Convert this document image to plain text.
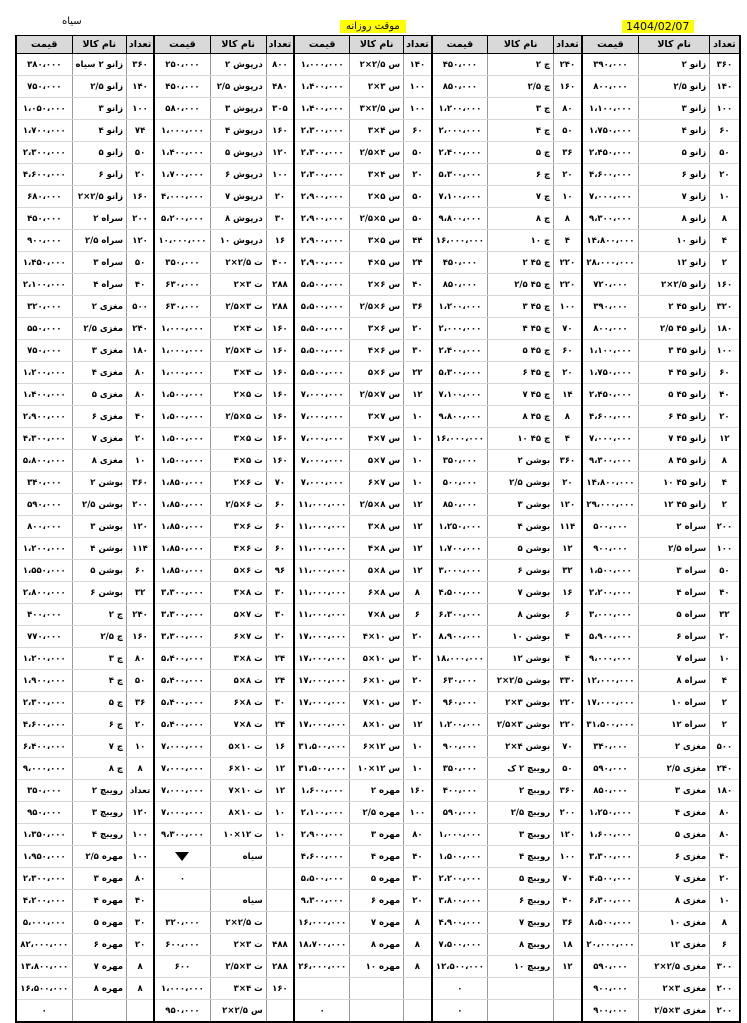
سیاه	موقت روزانه	1404/02/07
قیمت	نام کالا	تعداد	قیمت	نام کالا	تعداد	قیمت	نام کالا	تعداد	قیمت	نام کالا	تعداد	قیمت	نام کالا	تعداد
۳۸۰،۰۰۰	زانو ۲ سیاه	۳۶۰	۲۵۰،۰۰۰	درپوش ۲	۸۰۰	۱،۰۰۰،۰۰۰	س ۲/۵×۲	۱۴۰	۴۵۰،۰۰۰	چ ۲	۲۴۰	۳۹۰،۰۰۰	زانو ۲	۳۶۰
۷۵۰،۰۰۰	زانو ۲/۵	۱۴۰	۴۵۰،۰۰۰	درپوش ۲/۵	۴۸۰	۱،۴۰۰،۰۰۰	س ۳×۲	۱۰۰	۸۵۰،۰۰۰	چ ۲/۵	۱۶۰	۸۰۰،۰۰۰	زانو ۲/۵	۱۴۰
۱،۰۵۰،۰۰۰	زانو ۳	۱۰۰	۵۸۰،۰۰۰	درپوش ۳	۳۰۵	۱،۴۰۰،۰۰۰	س ۲/۵×۳	۱۰۰	۱،۲۰۰،۰۰۰	چ ۳	۸۰	۱،۱۰۰،۰۰۰	زانو ۳	۱۰۰
۱،۷۰۰،۰۰۰	زانو ۴	۷۴	۱،۰۰۰،۰۰۰	درپوش ۴	۱۶۰	۲،۳۰۰،۰۰۰	س ۴×۳	۶۰	۲،۰۰۰،۰۰۰	چ ۴	۵۰	۱،۷۵۰،۰۰۰	زانو ۴	۶۰
۲،۳۰۰،۰۰۰	زانو ۵	۵۰	۱،۴۰۰،۰۰۰	درپوش ۵	۱۲۰	۲،۳۰۰،۰۰۰	س ۴×۲/۵	۵۰	۲،۴۰۰،۰۰۰	چ ۵	۳۶	۲،۴۵۰،۰۰۰	زانو ۵	۵۰
۴،۶۰۰،۰۰۰	زانو ۶	۲۰	۱،۷۰۰،۰۰۰	درپوش ۶	۱۰۰	۲،۳۰۰،۰۰۰	س ۴×۳	۲۰	۵،۳۰۰،۰۰۰	چ ۶	۲۰	۴،۶۰۰،۰۰۰	زانو ۶	۲۰
۶۸۰،۰۰۰	زانو ۲/۵×۲	۱۶۰	۴،۰۰۰،۰۰۰	درپوش ۷	۲۰	۲،۹۰۰،۰۰۰	س ۵×۲	۵۰	۷،۱۰۰،۰۰۰	چ ۷	۱۰	۷،۰۰۰،۰۰۰	زانو ۷	۱۰
۴۵۰،۰۰۰	سراه ۲	۲۰۰	۵،۲۰۰،۰۰۰	درپوش ۸	۳۰	۲،۹۰۰،۰۰۰	س ۵×۲/۵	۵۰	۹،۸۰۰،۰۰۰	چ ۸	۸	۹،۳۰۰،۰۰۰	زانو ۸	۸
۹۰۰،۰۰۰	سراه ۲/۵	۱۲۰	۱۰،۰۰۰،۰۰۰	درپوش ۱۰	۱۶	۲،۹۰۰،۰۰۰	س ۵×۳	۴۴	۱۶،۰۰۰،۰۰۰	چ ۱۰	۴	۱۴،۸۰۰،۰۰۰	زانو ۱۰	۴
۱،۴۵۰،۰۰۰	سراه ۳	۵۰	۳۵۰،۰۰۰	ت ۲/۵×۲	۴۰۰	۲،۹۰۰،۰۰۰	س ۵×۴	۲۴	۴۵۰،۰۰۰	چ ۴۵ ۲	۲۲۰	۲۸،۰۰۰،۰۰۰	زانو ۱۲	۲
۲،۱۰۰،۰۰۰	سراه ۴	۴۰	۶۳۰،۰۰۰	ت ۳×۲	۲۸۸	۵،۵۰۰،۰۰۰	س ۶×۲	۴۰	۸۵۰،۰۰۰	چ ۴۵ ۲/۵	۲۲۰	۷۲۰،۰۰۰	زانو ۲/۵×۲	۱۶۰
۳۲۰،۰۰۰	مغزی ۲	۵۰۰	۶۳۰،۰۰۰	ت ۳×۲/۵	۲۸۸	۵،۵۰۰،۰۰۰	س ۶×۲/۵	۳۶	۱،۲۰۰،۰۰۰	چ ۴۵ ۳	۱۰۰	۳۹۰،۰۰۰	زانو ۴۵ ۲	۳۲۰
۵۵۰،۰۰۰	مغزی ۲/۵	۲۴۰	۱،۰۰۰،۰۰۰	ت ۴×۲	۱۶۰	۵،۵۰۰،۰۰۰	س ۶×۳	۲۰	۲،۰۰۰،۰۰۰	چ ۴۵ ۴	۷۰	۸۰۰،۰۰۰	زانو ۴۵ ۲/۵	۱۸۰
۷۵۰،۰۰۰	مغزی ۳	۱۸۰	۱،۰۰۰،۰۰۰	ت ۴×۲/۵	۱۶۰	۵،۵۰۰،۰۰۰	س ۶×۴	۳۰	۲،۴۰۰،۰۰۰	چ ۴۵ ۵	۶۰	۱،۱۰۰،۰۰۰	زانو ۴۵ ۳	۱۰۰
۱،۲۰۰،۰۰۰	مغزی ۴	۸۰	۱،۰۰۰،۰۰۰	ت ۴×۳	۱۶۰	۵،۵۰۰،۰۰۰	س ۶×۵	۲۲	۵،۳۰۰،۰۰۰	چ ۴۵ ۶	۲۰	۱،۷۵۰،۰۰۰	زانو ۴۵ ۴	۶۰
۱،۴۰۰،۰۰۰	مغزی ۵	۸۰	۱،۵۰۰،۰۰۰	ت ۵×۲	۱۶۰	۷،۰۰۰،۰۰۰	س ۷×۲/۵	۱۲	۷،۱۰۰،۰۰۰	چ ۴۵ ۷	۱۴	۲،۴۵۰،۰۰۰	زانو ۴۵ ۵	۴۰
۲،۹۰۰،۰۰۰	مغزی ۶	۴۰	۱،۵۰۰،۰۰۰	ت ۵×۲/۵	۱۶۰	۷،۰۰۰،۰۰۰	س ۷×۳	۱۰	۹،۸۰۰،۰۰۰	چ ۴۵ ۸	۸	۴،۶۰۰،۰۰۰	زانو ۴۵ ۶	۲۰
۴،۳۰۰،۰۰۰	مغزی ۷	۲۰	۱،۵۰۰،۰۰۰	ت ۵×۳	۱۶۰	۷،۰۰۰،۰۰۰	س ۷×۴	۱۰	۱۶،۰۰۰،۰۰۰	چ ۴۵ ۱۰	۴	۷،۰۰۰،۰۰۰	زانو ۴۵ ۷	۱۲
۵،۸۰۰،۰۰۰	مغزی ۸	۱۰	۱،۵۰۰،۰۰۰	ت ۵×۴	۱۶۰	۷،۰۰۰،۰۰۰	س ۷×۵	۱۰	۳۵۰،۰۰۰	بوشن ۲	۳۶۰	۹،۳۰۰،۰۰۰	زانو ۴۵ ۸	۸
۳۴۰،۰۰۰	بوشن ۲	۳۶۰	۱،۸۵۰،۰۰۰	ت ۶×۲	۷۰	۷،۰۰۰،۰۰۰	س ۷×۶	۱۰	۵۰۰،۰۰۰	بوشن ۲/۵	۲۰	۱۴،۸۰۰،۰۰۰	زانو ۴۵ ۱۰	۴
۵۹۰،۰۰۰	بوشن ۲/۵	۲۰۰	۱،۸۵۰،۰۰۰	ت ۶×۲/۵	۶۰	۱۱،۰۰۰،۰۰۰	س ۸×۲/۵	۱۲	۸۵۰،۰۰۰	بوشن ۳	۱۲۰	۲۹،۰۰۰،۰۰۰	زانو ۴۵ ۱۲	۲
۸۰۰،۰۰۰	بوشن ۳	۱۲۰	۱،۸۵۰،۰۰۰	ت ۶×۳	۶۰	۱۱،۰۰۰،۰۰۰	س ۸×۳	۱۲	۱،۲۵۰،۰۰۰	بوشن ۴	۱۱۴	۵۰۰،۰۰۰	سراه ۲	۲۰۰
۱،۲۰۰،۰۰۰	بوشن ۴	۱۱۴	۱،۸۵۰،۰۰۰	ت ۶×۴	۶۰	۱۱،۰۰۰،۰۰۰	س ۸×۴	۱۲	۱،۷۰۰،۰۰۰	بوشن ۵	۱۲	۹۰۰،۰۰۰	سراه ۲/۵	۱۰۰
۱،۵۵۰،۰۰۰	بوشن ۵	۶۰	۱،۸۵۰،۰۰۰	ت ۶×۵	۹۶	۱۱،۰۰۰،۰۰۰	س ۸×۵	۱۲	۳،۰۰۰،۰۰۰	بوشن ۶	۳۲	۱،۵۰۰،۰۰۰	سراه ۳	۵۰
۲،۸۰۰،۰۰۰	بوشن ۶	۳۲	۳،۳۰۰،۰۰۰	ت ۸×۳	۳۰	۱۱،۰۰۰،۰۰۰	س ۸×۶	۸	۴،۵۰۰،۰۰۰	بوشن ۷	۱۶	۲،۲۰۰،۰۰۰	سراه ۴	۴۰
۴۰۰،۰۰۰	چ ۲	۲۴۰	۳،۳۰۰،۰۰۰	ت ۷×۵	۳۰	۱۱،۰۰۰،۰۰۰	س ۸×۷	۶	۶،۳۰۰،۰۰۰	بوشن ۸	۶	۳،۰۰۰،۰۰۰	سراه ۵	۳۲
۷۷۰،۰۰۰	چ ۲/۵	۱۶۰	۳،۳۰۰،۰۰۰	ت ۷×۶	۲۰	۱۷،۰۰۰،۰۰۰	س ۱۰×۴	۲۰	۸،۹۰۰،۰۰۰	بوشن ۱۰	۴	۵،۹۰۰،۰۰۰	سراه ۶	۲۰
۱،۲۰۰،۰۰۰	چ ۳	۸۰	۵،۴۰۰،۰۰۰	ت ۸×۳	۲۴	۱۷،۰۰۰،۰۰۰	س ۱۰×۵	۲۰	۱۸،۰۰۰،۰۰۰	بوشن ۱۲	۴	۹،۰۰۰،۰۰۰	سراه ۷	۱۰
۱،۹۰۰،۰۰۰	چ ۴	۵۰	۵،۴۰۰،۰۰۰	ت ۸×۵	۲۴	۱۷،۰۰۰،۰۰۰	س ۱۰×۶	۲۰	۶۳۰،۰۰۰	بوشن ۲/۵×۲	۳۳۰	۱۲،۰۰۰،۰۰۰	سراه ۸	۴
۲،۳۰۰،۰۰۰	چ ۵	۳۶	۵،۴۰۰،۰۰۰	ت ۸×۶	۳۰	۱۷،۰۰۰،۰۰۰	س ۱۰×۷	۲۰	۹۶۰،۰۰۰	بوشن ۳×۲	۲۲۰	۱۷،۰۰۰،۰۰۰	سراه ۱۰	۲
۴،۶۰۰،۰۰۰	چ ۶	۲۰	۵،۴۰۰،۰۰۰	ت ۸×۷	۲۴	۱۷،۰۰۰،۰۰۰	س ۱۰×۸	۱۲	۱،۲۰۰،۰۰۰	بوشن ۳×۲/۵	۲۲۰	۳۱،۵۰۰،۰۰۰	سراه ۱۲	۲
۶،۴۰۰،۰۰۰	چ ۷	۱۰	۷،۰۰۰،۰۰۰	ت ۱۰×۵	۱۶	۳۱،۵۰۰،۰۰۰	س ۱۲×۶	۱۰	۹۰۰،۰۰۰	بوشن ۴×۲	۷۰	۳۴۰،۰۰۰	مغزی ۲	۵۰۰
۹،۰۰۰،۰۰۰	چ ۸	۸	۷،۰۰۰،۰۰۰	ت ۱۰×۶	۱۲	۳۱،۵۰۰،۰۰۰	س ۱۲×۱۰	۱۰	۳۵۰،۰۰۰	رویبچ ۲ ک	۵۰	۵۹۰،۰۰۰	مغزی ۲/۵	۲۴۰
۳۵۰،۰۰۰	رویبچ ۲	تعداد	۷،۰۰۰،۰۰۰	ت ۱۰×۷	۱۲	۱،۶۰۰،۰۰۰	مهره ۲	۱۶۰	۴۰۰،۰۰۰	رویبچ ۲	۳۶۰	۸۵۰،۰۰۰	مغزی ۳	۱۸۰
۹۵۰،۰۰۰	رویبچ ۳	۱۲۰	۷،۰۰۰،۰۰۰	ت ۱۰×۸	۱۰	۲،۱۰۰،۰۰۰	مهره ۲/۵	۱۰۰	۵۹۰،۰۰۰	رویبچ ۲/۵	۲۰۰	۱،۲۵۰،۰۰۰	مغزی ۴	۸۰
۱،۳۵۰،۰۰۰	رویبچ ۴	۱۰۰	۹،۳۰۰،۰۰۰	ت ۱۲×۱۰	۱۰	۲،۹۰۰،۰۰۰	مهره ۳	۸۰	۱،۰۰۰،۰۰۰	رویبچ ۳	۱۲۰	۱،۶۰۰،۰۰۰	مغزی ۵	۸۰
۱،۹۵۰،۰۰۰	مهره ۲/۵	۱۰۰		سیاه		۴،۶۰۰،۰۰۰	مهره ۴	۴۰	۱،۵۰۰،۰۰۰	رویبچ ۴	۱۰۰	۳،۳۰۰،۰۰۰	مغزی ۶	۴۰
۲،۳۰۰،۰۰۰	مهره ۳	۸۰	۰			۵،۵۰۰،۰۰۰	مهره ۵	۳۰	۲،۲۰۰،۰۰۰	رویبچ ۵	۷۰	۴،۵۰۰،۰۰۰	مغزی ۷	۲۰
۴،۲۰۰،۰۰۰	مهره ۴	۴۰		سیاه		۹،۳۰۰،۰۰۰	مهره ۶	۲۰	۳،۸۰۰،۰۰۰	رویبچ ۶	۴۰	۶،۳۰۰،۰۰۰	مغزی ۸	۱۰
۵،۰۰۰،۰۰۰	مهره ۵	۳۰	۳۲۰،۰۰۰	ت ۲/۵×۲		۱۶،۰۰۰،۰۰۰	مهره ۷	۸	۴،۹۰۰،۰۰۰	رویبچ ۷	۳۶	۸،۵۰۰،۰۰۰	مغزی ۱۰	۸
۸۲،۰۰۰،۰۰۰	مهره ۶	۲۰	۶۰۰،۰۰۰	ت ۳×۲	۴۸۸	۱۸،۷۰۰،۰۰۰	مهره ۸	۸	۷،۵۰۰،۰۰۰	رویبچ ۸	۱۸	۲۰،۰۰۰،۰۰۰	مغزی ۱۲	۶
۱۳،۸۰۰،۰۰۰	مهره ۷	۸	۶۰۰	ت ۳×۲/۵	۲۸۸	۲۶،۰۰۰،۰۰۰	مهره ۱۰	۸	۱۲،۵۰۰،۰۰۰	رویبچ ۱۰	۱۲	۵۹۰،۰۰۰	مغزی ۲/۵×۲	۳۰۰
۱۶،۵۰۰،۰۰۰	مهره ۸	۸	۱،۰۰۰،۰۰۰	ت ۴×۳	۱۶۰				۰			۹۰۰،۰۰۰	مغزی ۳×۲	۲۰۰
۰			۹۵۰،۰۰۰	س ۲/۵×۲		۰			۰			۹۰۰،۰۰۰	مغزی ۳×۲/۵	۲۰۰
